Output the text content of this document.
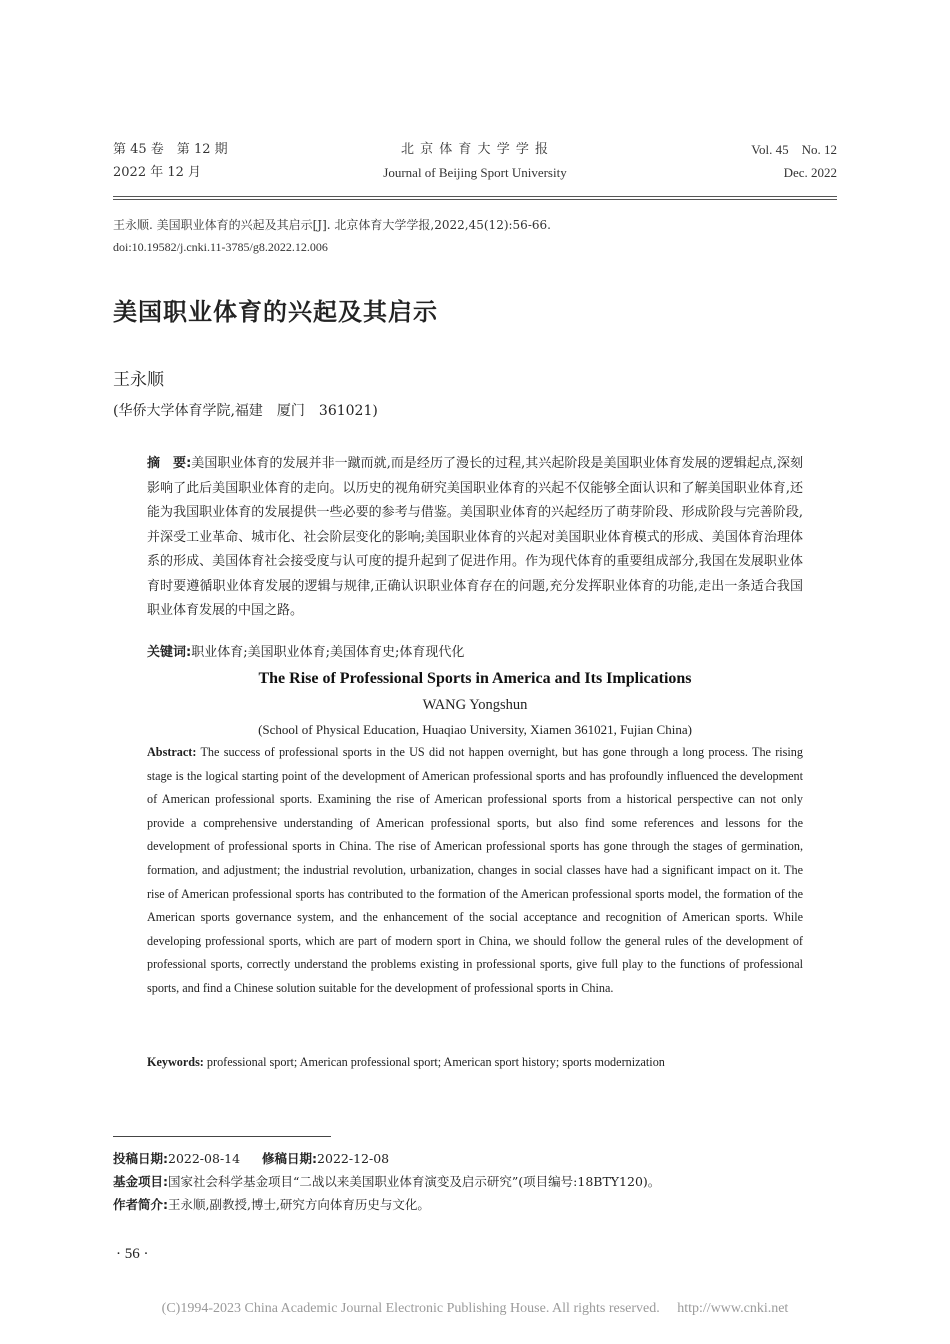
第 45 卷　第 12 期
2022 年 12 月
北 京 体 育 大 学 学 报
Journal of Beijing Sport University
Vol. 45　No. 12
Dec. 2022
王永顺. 美国职业体育的兴起及其启示[J]. 北京体育大学学报,2022,45(12):56-66.
doi:10.19582/j.cnki.11-3785/g8.2022.12.006
美国职业体育的兴起及其启示
王永顺
(华侨大学体育学院,福建　厦门　361021)
摘　要:美国职业体育的发展并非一蹴而就,而是经历了漫长的过程,其兴起阶段是美国职业体育发展的逻辑起点,深刻影响了此后美国职业体育的走向。以历史的视角研究美国职业体育的兴起不仅能够全面认识和了解美国职业体育,还能为我国职业体育的发展提供一些必要的参考与借鉴。美国职业体育的兴起经历了萌芽阶段、形成阶段与完善阶段,并深受工业革命、城市化、社会阶层变化的影响;美国职业体育的兴起对美国职业体育模式的形成、美国体育治理体系的形成、美国体育社会接受度与认可度的提升起到了促进作用。作为现代体育的重要组成部分,我国在发展职业体育时要遵循职业体育发展的逻辑与规律,正确认识职业体育存在的问题,充分发挥职业体育的功能,走出一条适合我国职业体育发展的中国之路。
关键词:职业体育;美国职业体育;美国体育史;体育现代化
The Rise of Professional Sports in America and Its Implications
WANG Yongshun
(School of Physical Education, Huaqiao University, Xiamen 361021, Fujian China)
Abstract: The success of professional sports in the US did not happen overnight, but has gone through a long process. The rising stage is the logical starting point of the development of American professional sports and has profoundly influenced the development of American professional sports. Examining the rise of American professional sports from a historical perspective can not only provide a comprehensive understanding of American professional sports, but also find some references and lessons for the development of professional sports in China. The rise of American professional sports has gone through the stages of germination, formation, and adjustment; the industrial revolution, urbanization, changes in social classes have had a significant impact on it. The rise of American professional sports has contributed to the formation of the American professional sports model, the formation of the American sports governance system, and the enhancement of the social acceptance and recognition of American sports. While developing professional sports, which are part of modern sport in China, we should follow the general rules of the development of professional sports, correctly understand the problems existing in professional sports, give full play to the functions of professional sports, and find a Chinese solution suitable for the development of professional sports in China.
Keywords: professional sport; American professional sport; American sport history; sports modernization
投稿日期:2022-08-14 修稿日期:2022-12-08
基金项目:国家社会科学基金项目“二战以来美国职业体育演变及启示研究”(项目编号:18BTY120)。
作者简介:王永顺,副教授,博士,研究方向体育历史与文化。
· 56 ·
(C)1994-2023 China Academic Journal Electronic Publishing House. All rights reserved.　 http://www.cnki.net
